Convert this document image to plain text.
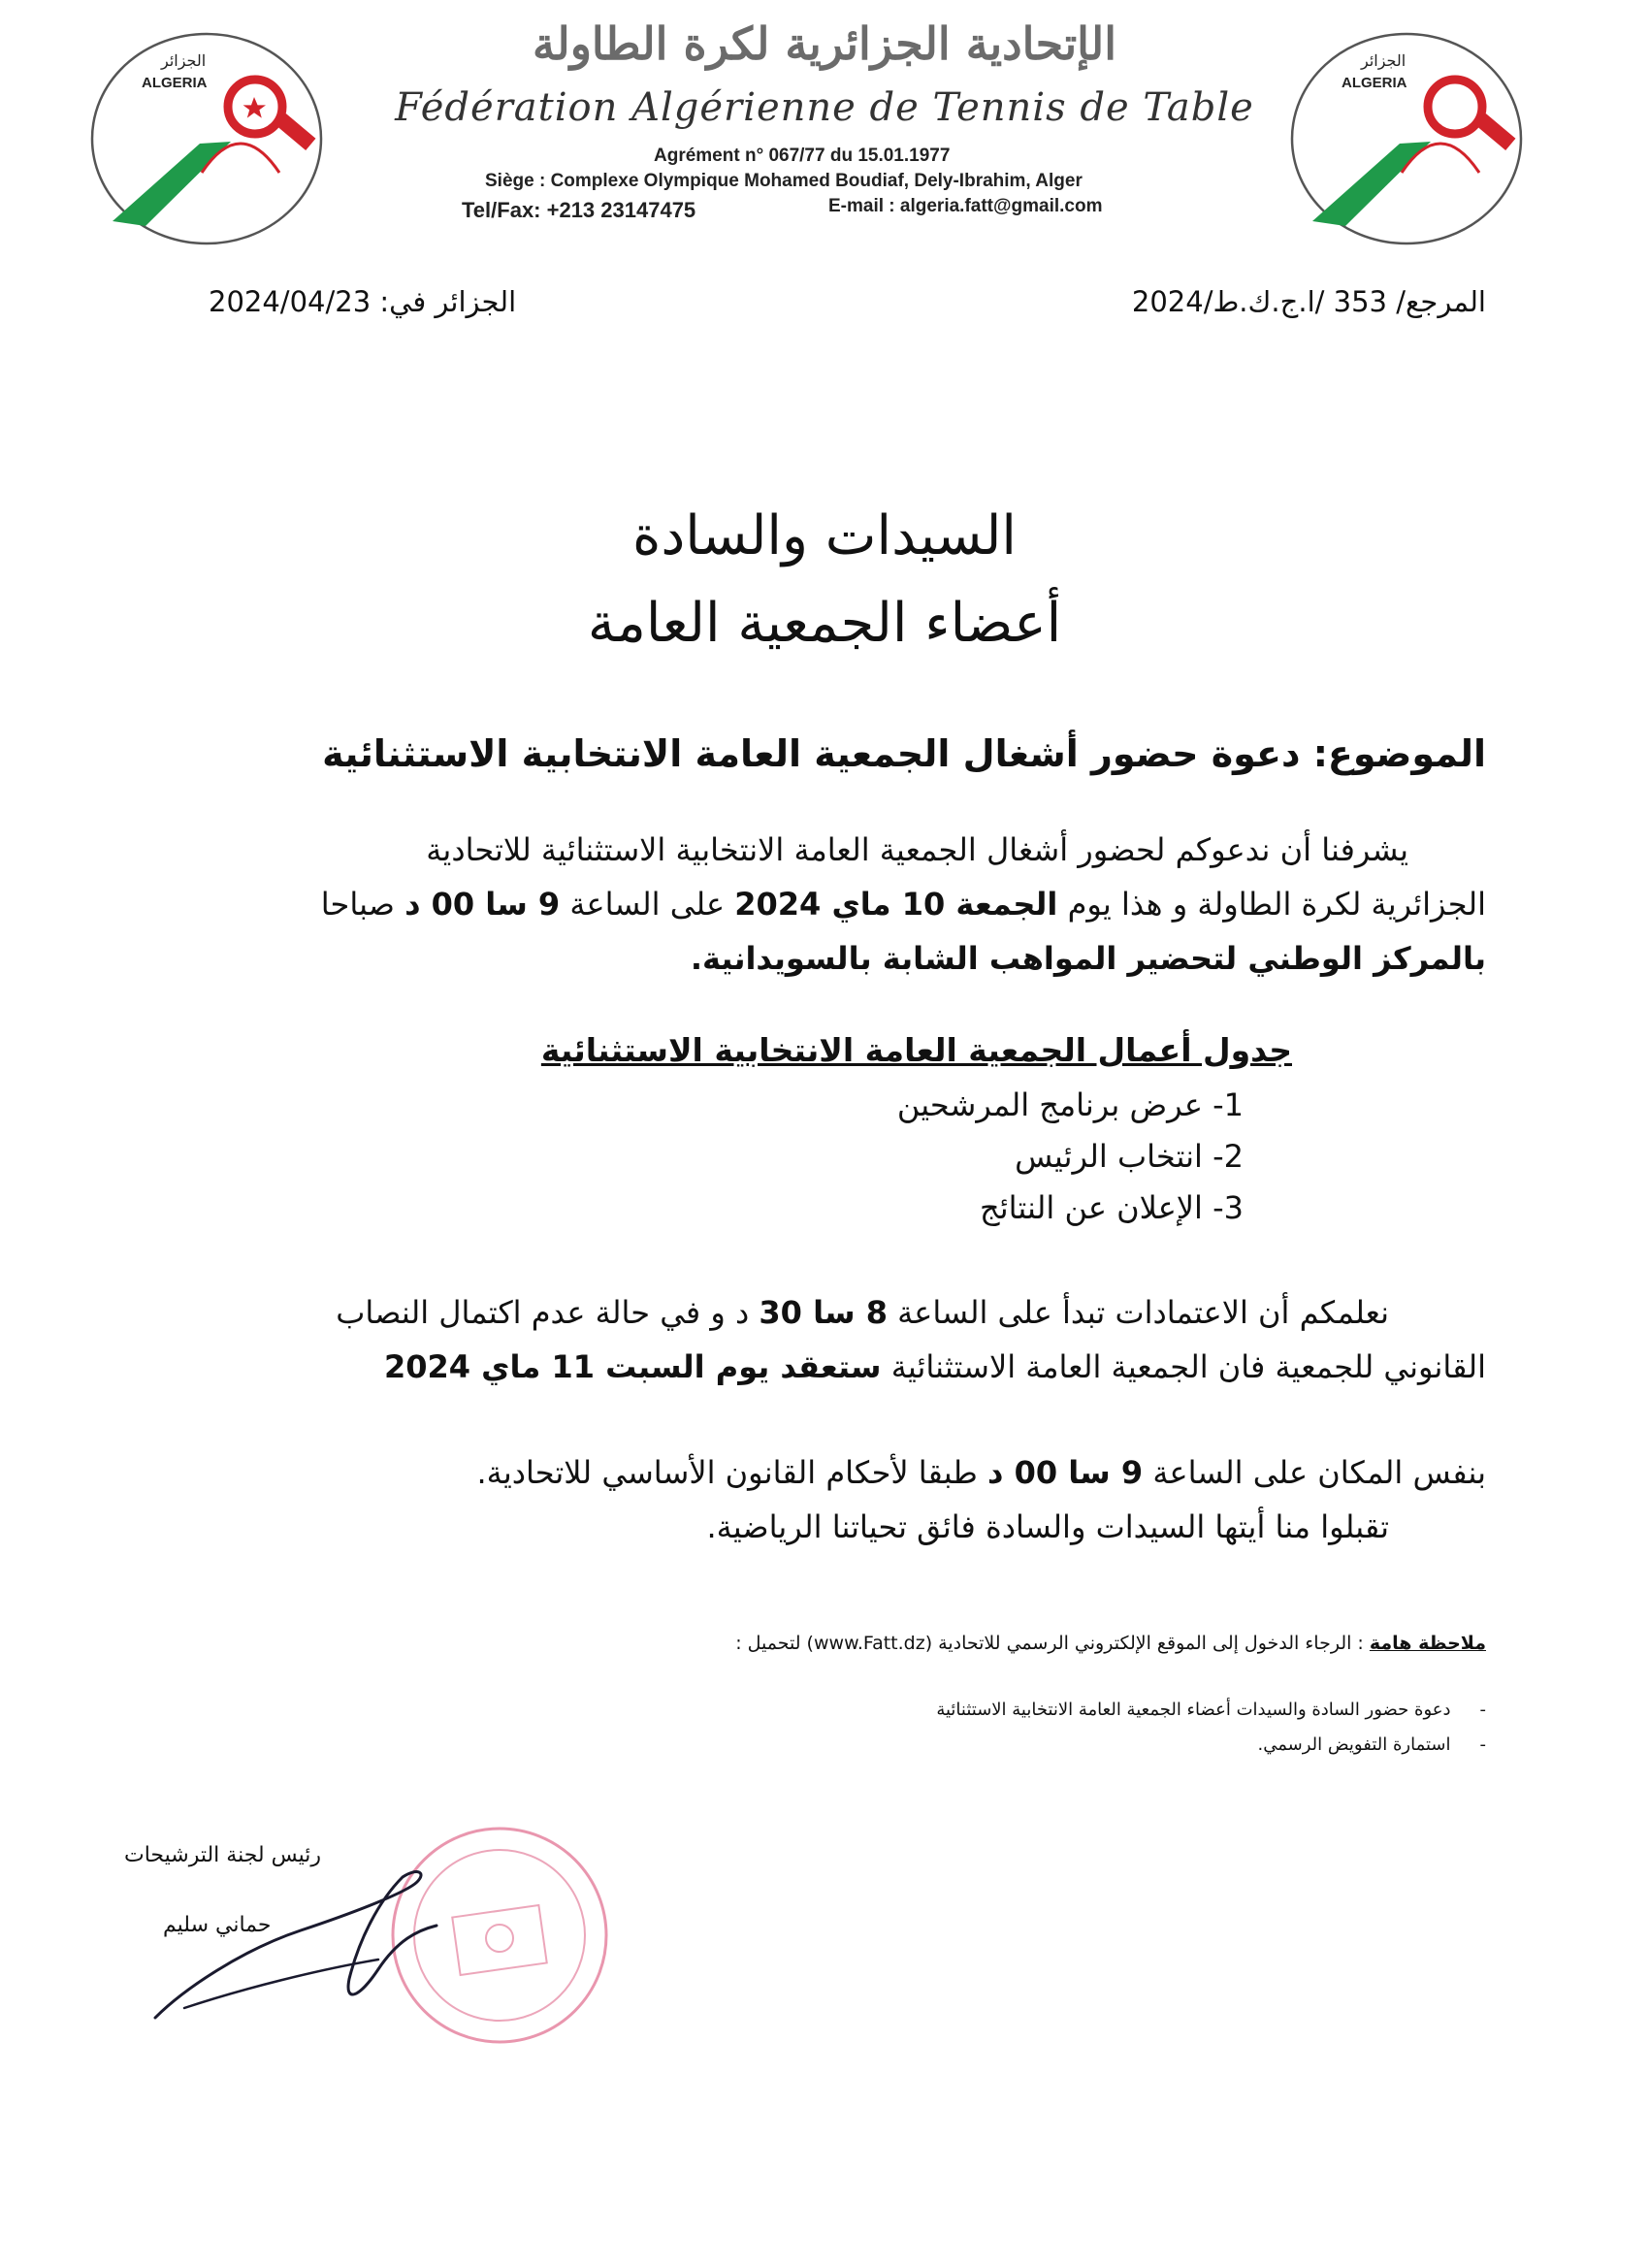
الجزائر
ALGERIA
الجزائر
ALGERIA
الإتحادية الجزائرية لكرة الطاولة
Fédération Algérienne de Tennis de Table
Agrément n° 067/77 du 15.01.1977
Siège : Complexe Olympique Mohamed Boudiaf, Dely-Ibrahim, Alger
Tel/Fax: +213 23147475	E-mail : algeria.fatt@gmail.com
المرجع/ 353 /ا.ج.ك.ط/2024
الجزائر في: 2024/04/23
السيدات والسادة
أعضاء الجمعية العامة
الموضوع: دعوة حضور أشغال الجمعية العامة الانتخابية الاستثنائية
يشرفنا أن ندعوكم لحضور أشغال الجمعية العامة الانتخابية الاستثنائية للاتحادية
الجزائرية لكرة الطاولة و هذا يوم الجمعة 10 ماي 2024 على الساعة 9 سا 00 د صباحا
بالمركز الوطني لتحضير المواهب الشابة بالسويدانية.
جدول أعمال الجمعية العامة الانتخابية الاستثنائية
1- عرض برنامج المرشحين
2- انتخاب الرئيس
3- الإعلان عن النتائج
نعلمكم أن الاعتمادات تبدأ على الساعة 8 سا 30 د و في حالة عدم اكتمال النصاب
القانوني للجمعية فان الجمعية العامة الاستثنائية ستعقد يوم السبت 11 ماي 2024
بنفس المكان على الساعة 9 سا 00 د طبقا لأحكام القانون الأساسي للاتحادية.
تقبلوا منا أيتها السيدات والسادة فائق تحياتنا الرياضية.
ملاحظة هامة : الرجاء الدخول إلى الموقع الإلكتروني الرسمي للاتحادية (www.Fatt.dz) لتحميل :
-دعوة حضور السادة والسيدات أعضاء الجمعية العامة الانتخابية الاستثنائية
-استمارة التفويض الرسمي.
رئيس لجنة الترشيحات
حماني سليم
